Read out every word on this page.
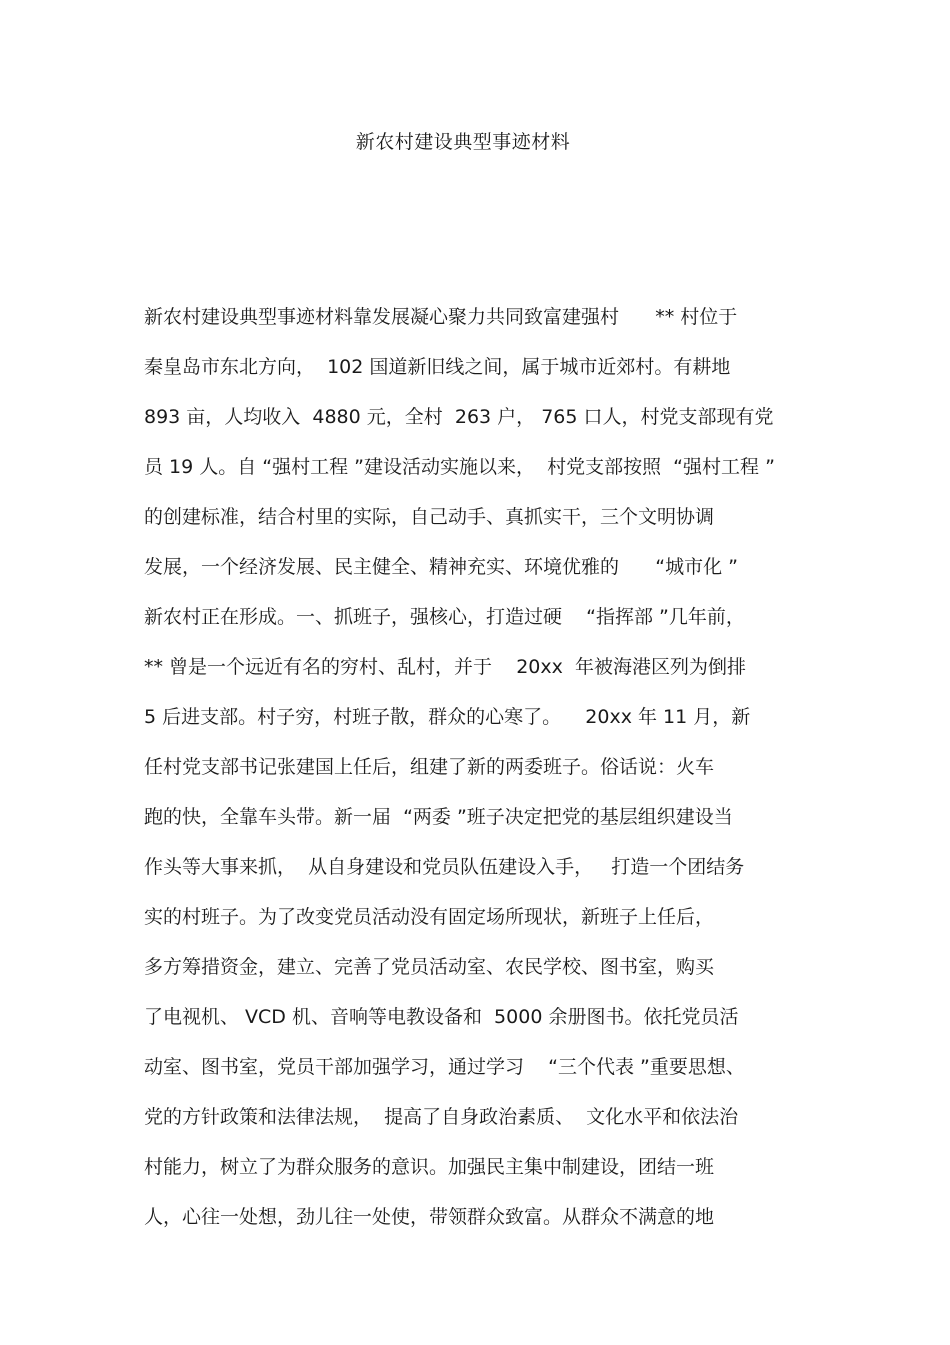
新农村建设典型事迹材料
新农村建设典型事迹材料靠发展凝心聚力共同致富建强村      ** 村位于
秦皇岛市东北方向，  102 国道新旧线之间，属于城市近郊村。有耕地
893 亩，人均收入  4880 元，全村  263 户， 765 口人，村党支部现有党
员 19 人。自 “强村工程 ”建设活动实施以来，  村党支部按照  “强村工程 ”
的创建标准，结合村里的实际，自己动手、真抓实干，三个文明协调
发展，一个经济发展、民主健全、精神充实、环境优雅的      “城市化 ”
新农村正在形成。一、抓班子，强核心，打造过硬    “指挥部 ”几年前，
** 曾是一个远近有名的穷村、乱村，并于    20xx  年被海港区列为倒排
5 后进支部。村子穷，村班子散，群众的心寒了。    20xx 年 11 月，新
任村党支部书记张建国上任后，组建了新的两委班子。俗话说：火车
跑的快，全靠车头带。新一届  “两委 ”班子决定把党的基层组织建设当
作头等大事来抓，  从自身建设和党员队伍建设入手，   打造一个团结务
实的村班子。为了改变党员活动没有固定场所现状，新班子上任后，
多方筹措资金，建立、完善了党员活动室、农民学校、图书室，购买
了电视机、 VCD 机、音响等电教设备和  5000 余册图书。依托党员活
动室、图书室，党员干部加强学习，通过学习    “三个代表 ”重要思想、
党的方针政策和法律法规，  提高了自身政治素质、  文化水平和依法治
村能力，树立了为群众服务的意识。加强民主集中制建设，团结一班
人，心往一处想，劲儿往一处使，带领群众致富。从群众不满意的地
